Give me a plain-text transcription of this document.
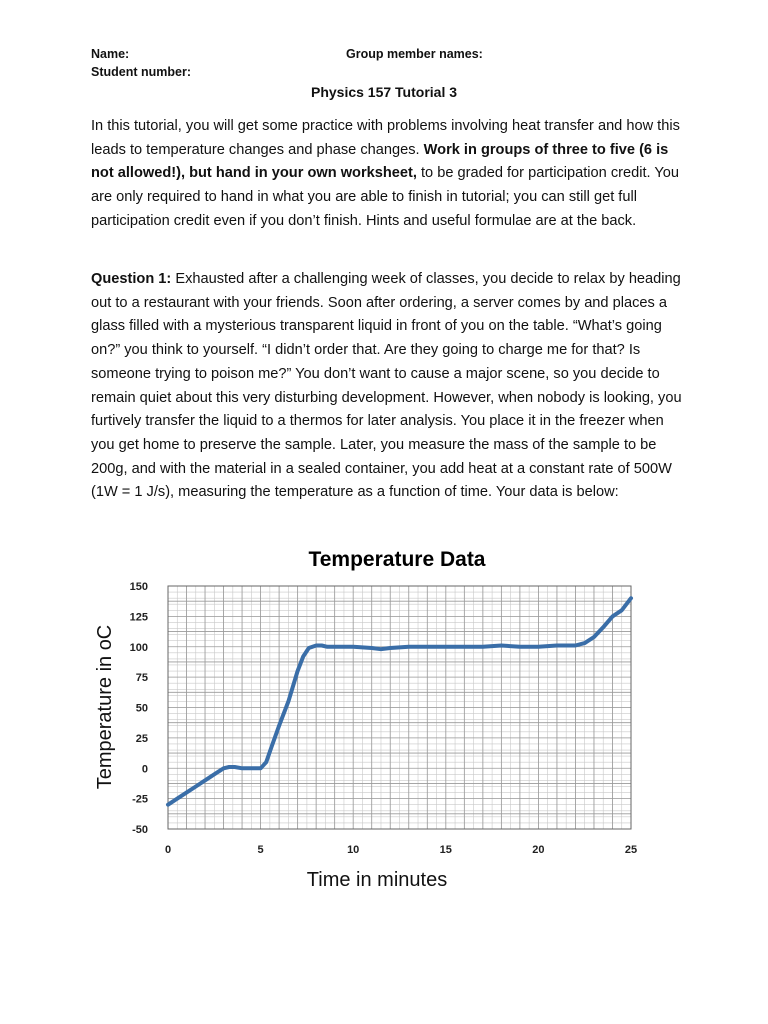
Name:
Student number:
Group member names:
Physics 157 Tutorial 3
In this tutorial, you will get some practice with problems involving heat transfer and how this leads to temperature changes and phase changes. Work in groups of three to five (6 is not allowed!), but hand in your own worksheet, to be graded for participation credit. You are only required to hand in what you are able to finish in tutorial; you can still get full participation credit even if you don’t finish. Hints and useful formulae are at the back.
Question 1: Exhausted after a challenging week of classes, you decide to relax by heading out to a restaurant with your friends. Soon after ordering, a server comes by and places a glass filled with a mysterious transparent liquid in front of you on the table. “What’s going on?” you think to yourself. “I didn’t order that. Are they going to charge me for that? Is someone trying to poison me?” You don’t want to cause a major scene, so you decide to remain quiet about this very disturbing development. However, when nobody is looking, you furtively transfer the liquid to a thermos for later analysis. You place it in the freezer when you get home to preserve the sample. Later, you measure the mass of the sample to be 200g, and with the material in a sealed container, you add heat at a constant rate of 500W (1W = 1 J/s), measuring the temperature as a function of time. Your data is below:
Temperature Data
150
125
100
75
50
25
0
-25
-50
0	5	10	15	20	25
Time in minutes
Temperature in oC
